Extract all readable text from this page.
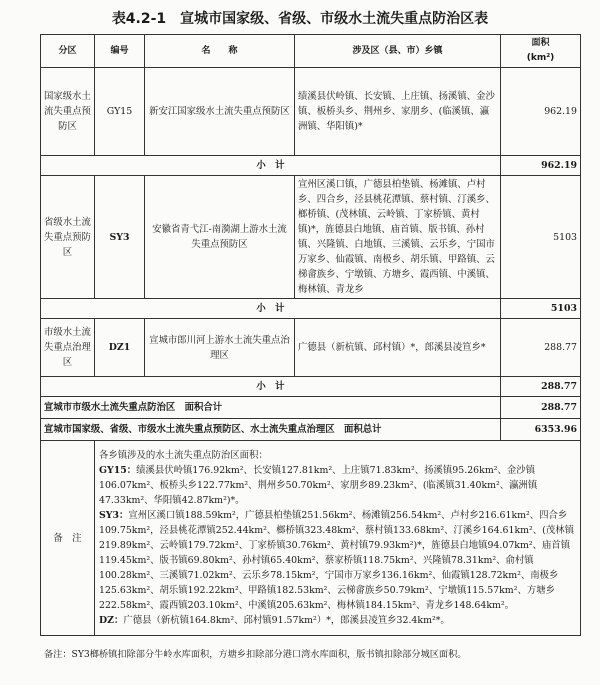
表4.2-1　宣城市国家级、省级、市级水土流失重点防治区表
分区	编号	名　　称	涉及区（县、市）乡镇	面积
(km²)

国家级水土流失重点预防区	GY15	新安江国家级水土流失重点预防区	绩溪县伏岭镇、长安镇、上庄镇、扬溪镇、金沙镇、板桥头乡、荆州乡、家朋乡、(临溪镇、瀛洲镇、华阳镇)*	962.19
小　计				962.19
省级水土流失重点预防区	SY3	安徽省青弋江-南漪湖上游水土流失重点预防区	宣州区溪口镇，广德县柏垫镇、杨滩镇、卢村乡、四合乡，泾县桃花潭镇、蔡村镇、汀溪乡、榔桥镇、(茂林镇、云岭镇、丁家桥镇、黄村镇)*，旌德县白地镇、庙首镇、版书镇、孙村镇、兴隆镇、白地镇、三溪镇、云乐乡，宁国市万家乡、仙霞镇、南极乡、胡乐镇、甲路镇、云梯畲族乡、宁墩镇、方塘乡、霞西镇、中溪镇、梅林镇、青龙乡	5103
小　计				5103
市级水土流失重点治理区	DZ1	宣城市郎川河上游水土流失重点治理区	广德县（新杭镇、邱村镇）*，郎溪县凌笪乡*	288.77
小　计				288.77
宣城市市级水土流失重点防治区　面积合计				288.77
宣城市国家级、省级、市级水土流失重点预防区、水土流失重点治理区　面积总计				6353.96
备　注	各乡镇涉及的水土流失重点防治区面积：
GY15：绩溪县伏岭镇176.92km²、长安镇127.81km²、上庄镇71.83km²、扬溪镇95.26km²、金沙镇106.07km²、板桥头乡122.77km²、荆州乡50.70km²、家朋乡89.23km²、(临溪镇31.40km²、瀛洲镇47.33km²、华阳镇42.87km²)*。
SY3：宣州区溪口镇188.59km²，广德县柏垫镇251.56km²、杨滩镇256.54km²、卢村乡216.61km²、四合乡109.75km²，泾县桃花潭镇252.44km²、榔桥镇323.48km²、蔡村镇133.68km²、汀溪乡164.61km²、(茂林镇219.89km²、云岭镇179.72km²、丁家桥镇30.76km²、黄村镇79.93km²)*，旌德县白地镇94.07km²、庙首镇119.45km²、版书镇69.80km²、孙村镇65.40km²、蔡家桥镇118.75km²、兴隆镇78.31km²、俞村镇100.28km²、三溪镇71.02km²、云乐乡78.15km²，宁国市万家乡136.16km²、仙霞镇128.72km²、南极乡125.63km²、胡乐镇192.22km²、甲路镇182.53km²、云梯畲族乡50.79km²、宁墩镇115.57km²、方塘乡222.58km²、霞西镇203.10km²、中溪镇205.63km²、梅林镇184.15km²、青龙乡148.64km²。
DZ：广德县（新杭镇164.8km²、邱村镇91.57km²）*，郎溪县凌笪乡32.4km²*。			
备注：SY3榔桥镇扣除部分牛岭水库面积，方塘乡扣除部分港口湾水库面积，版书镇扣除部分城区面积。
